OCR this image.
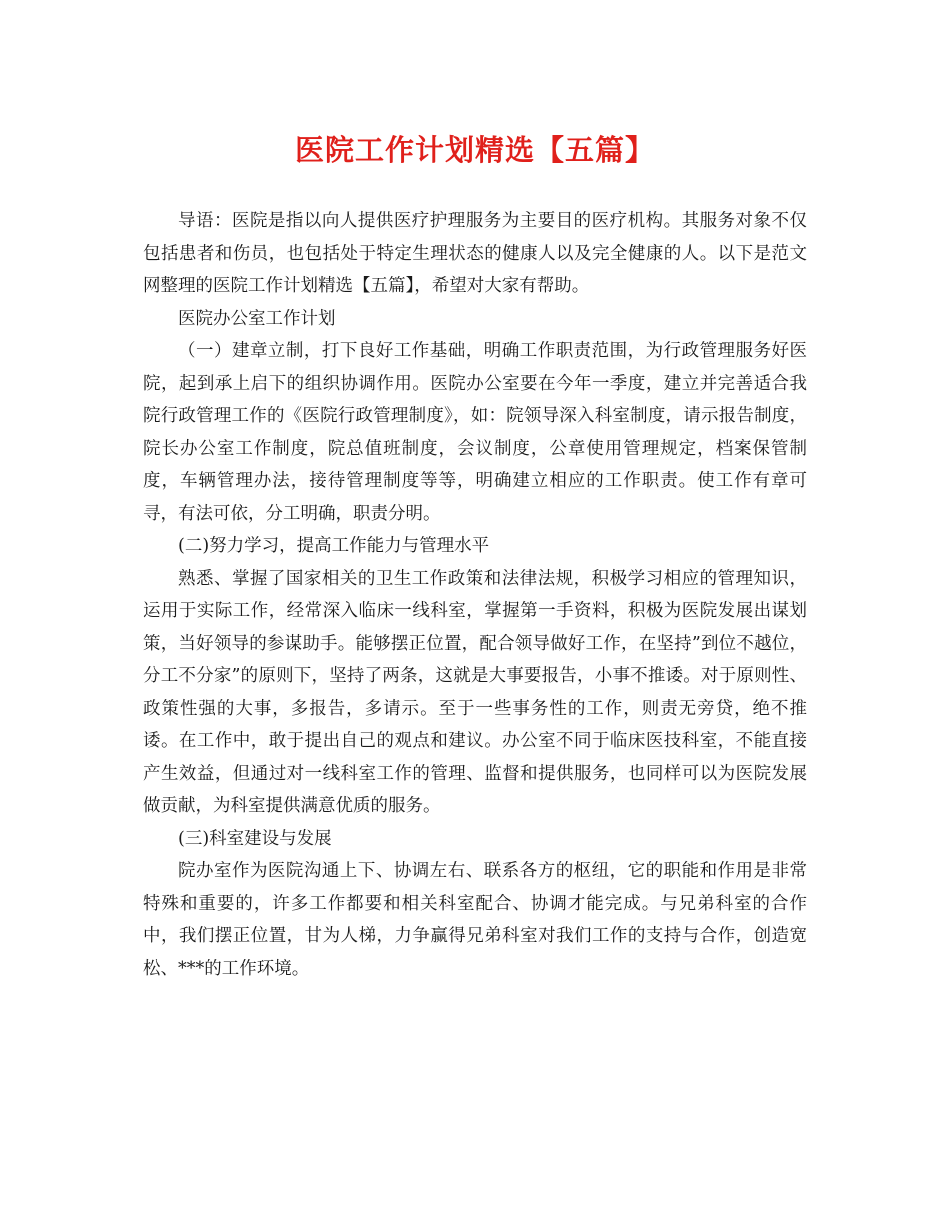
医院工作计划精选【五篇】

导语：医院是指以向人提供医疗护理服务为主要目的医疗机构。其服务对象不仅包括患者和伤员，也包括处于特定生理状态的健康人以及完全健康的人。以下是范文网整理的医院工作计划精选【五篇】，希望对大家有帮助。

医院办公室工作计划

（一）建章立制，打下良好工作基础，明确工作职责范围，为行政管理服务好医院，起到承上启下的组织协调作用。医院办公室要在今年一季度，建立并完善适合我院行政管理工作的《医院行政管理制度》，如：院领导深入科室制度，请示报告制度，院长办公室工作制度，院总值班制度，会议制度，公章使用管理规定，档案保管制度，车辆管理办法，接待管理制度等等，明确建立相应的工作职责。使工作有章可寻，有法可依，分工明确，职责分明。

(二)努力学习，提高工作能力与管理水平

熟悉、掌握了国家相关的卫生工作政策和法律法规，积极学习相应的管理知识，运用于实际工作，经常深入临床一线科室，掌握第一手资料，积极为医院发展出谋划策，当好领导的参谋助手。能够摆正位置，配合领导做好工作，在坚持”到位不越位，分工不分家”的原则下，坚持了两条，这就是大事要报告，小事不推诿。对于原则性、政策性强的大事，多报告，多请示。至于一些事务性的工作，则责无旁贷，绝不推诿。在工作中，敢于提出自己的观点和建议。办公室不同于临床医技科室，不能直接产生效益，但通过对一线科室工作的管理、监督和提供服务，也同样可以为医院发展做贡献，为科室提供满意优质的服务。

(三)科室建设与发展

院办室作为医院沟通上下、协调左右、联系各方的枢纽，它的职能和作用是非常特殊和重要的，许多工作都要和相关科室配合、协调才能完成。与兄弟科室的合作中，我们摆正位置，甘为人梯，力争赢得兄弟科室对我们工作的支持与合作，创造宽松、***的工作环境。
